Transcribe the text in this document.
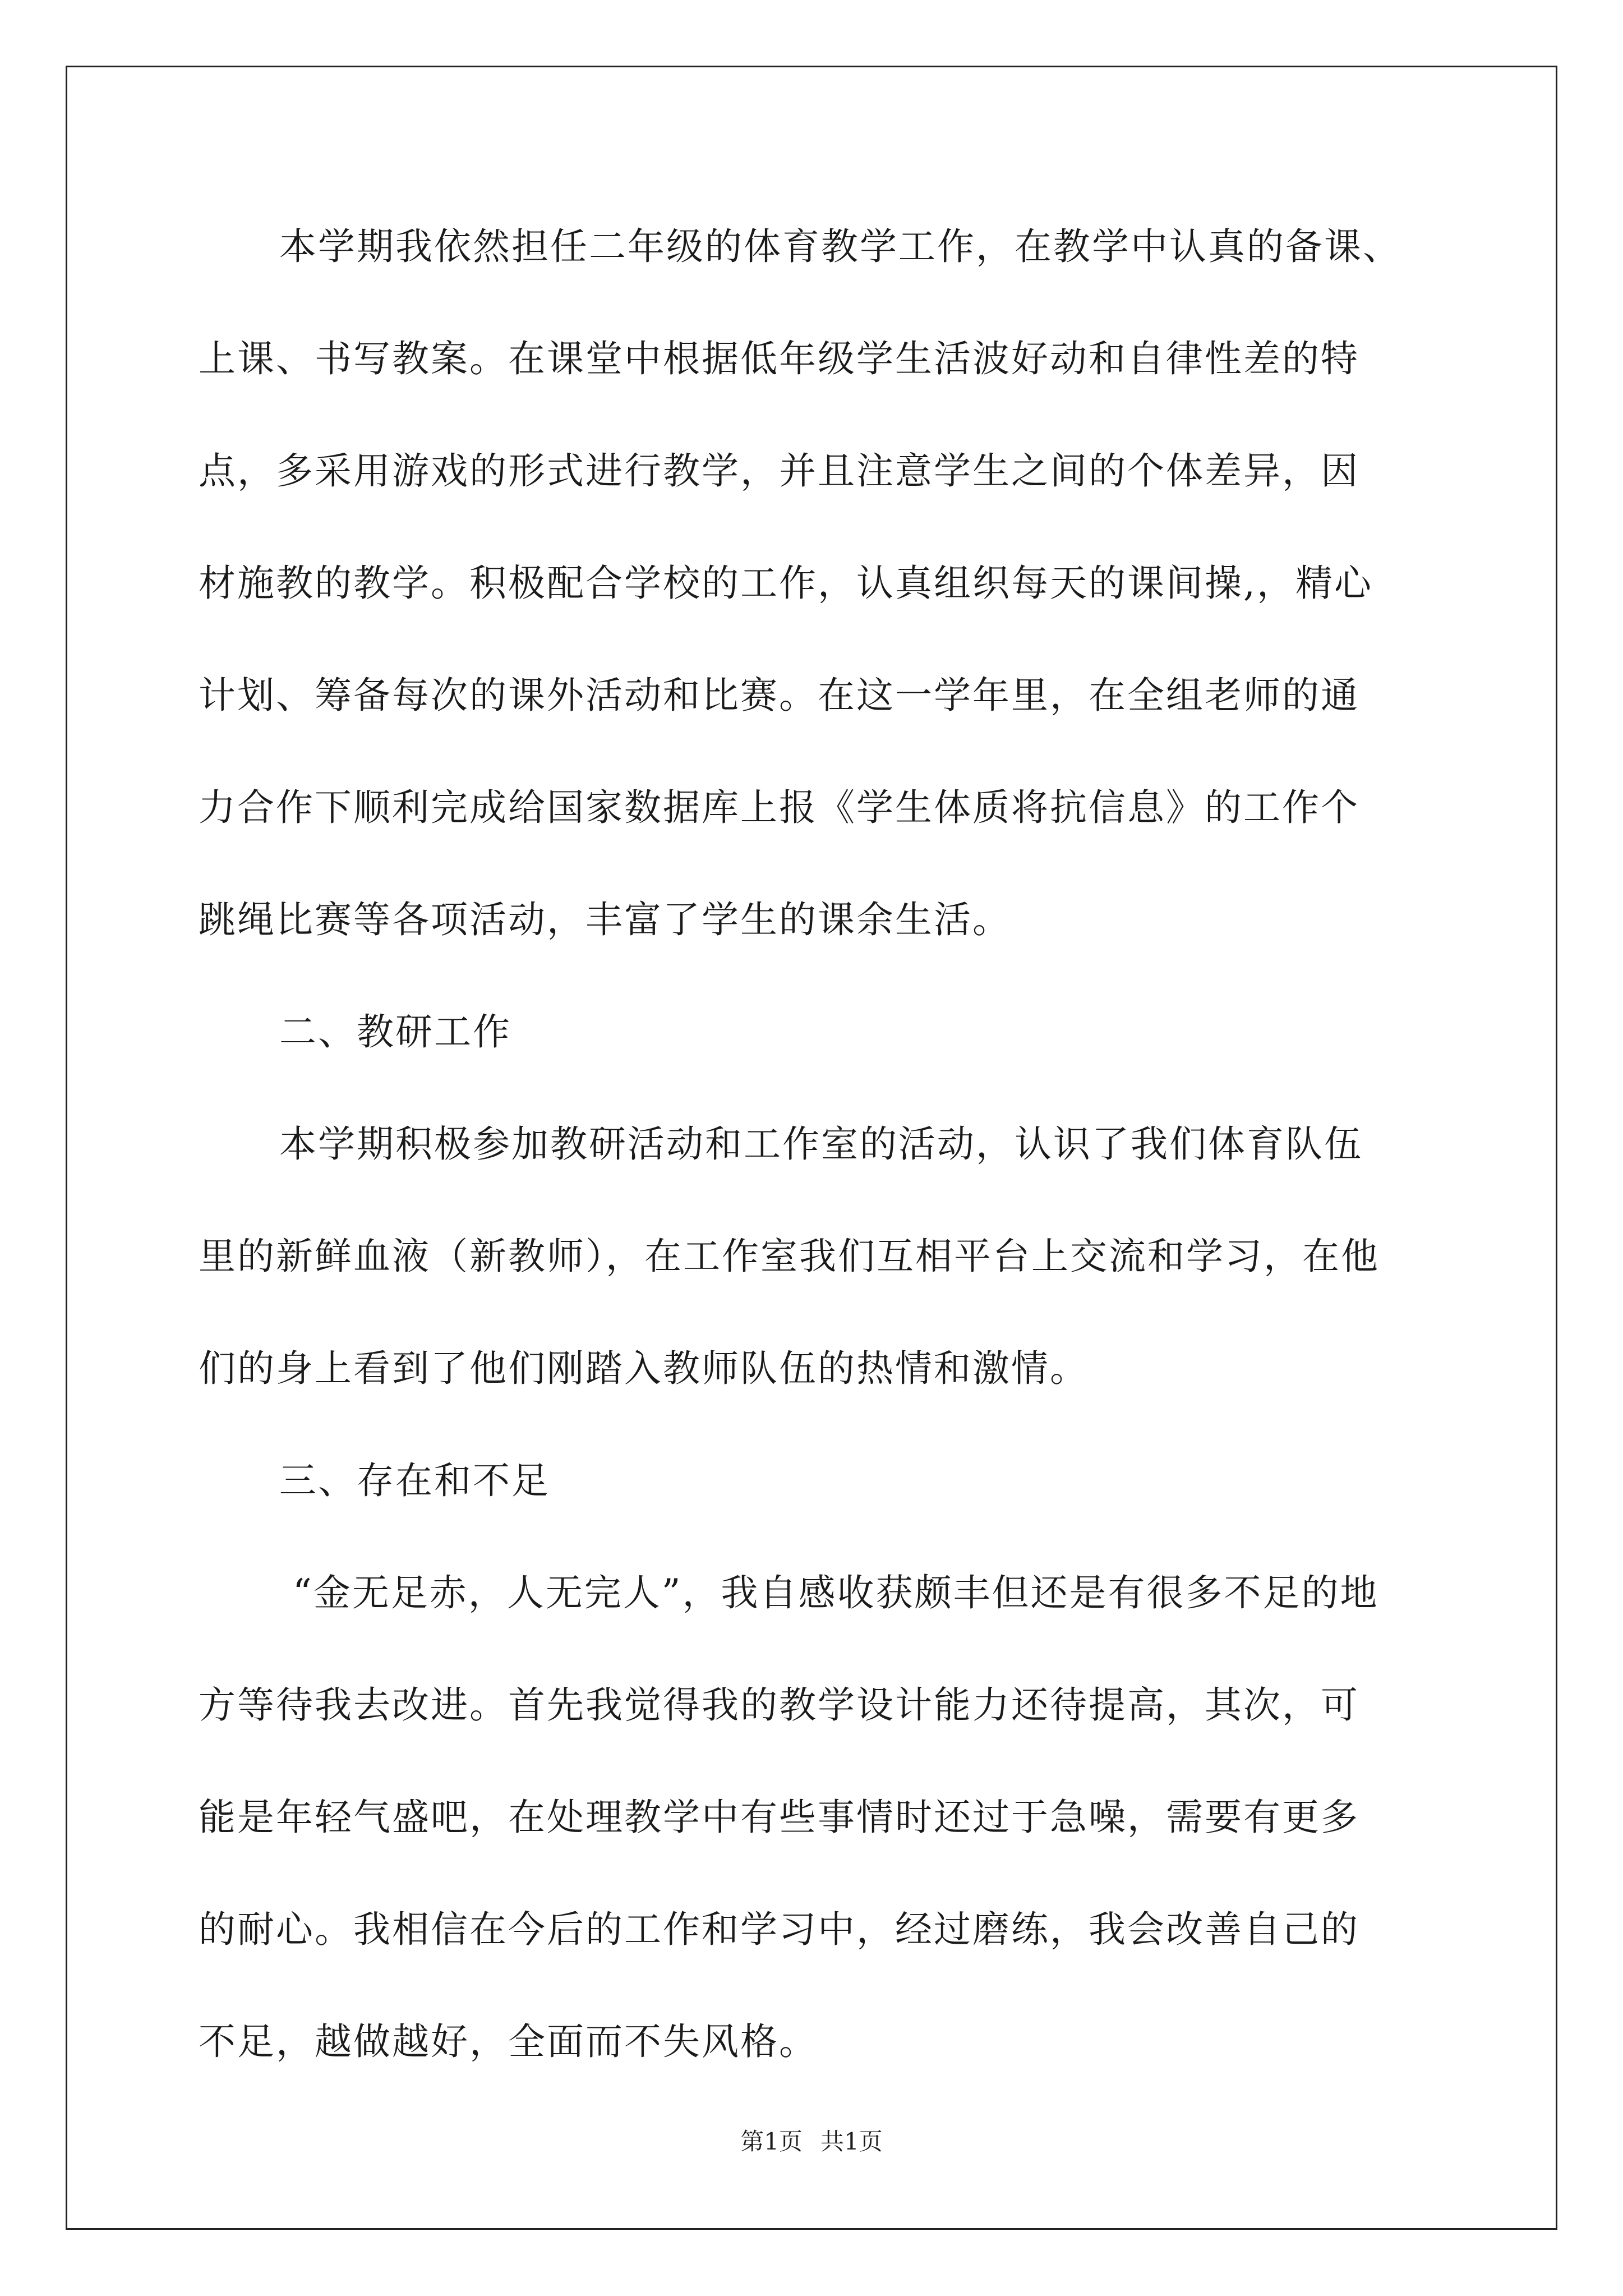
本学期我依然担任二年级的体育教学工作，在教学中认真的备课、
上课、书写教案。在课堂中根据低年级学生活波好动和自律性差的特
点，多采用游戏的形式进行教学，并且注意学生之间的个体差异，因
材施教的教学。积极配合学校的工作，认真组织每天的课间操,，精心
计划、筹备每次的课外活动和比赛。在这一学年里，在全组老师的通
力合作下顺利完成给国家数据库上报《学生体质将抗信息》的工作个
跳绳比赛等各项活动，丰富了学生的课余生活。
二、教研工作
本学期积极参加教研活动和工作室的活动，认识了我们体育队伍
里的新鲜血液（新教师），在工作室我们互相平台上交流和学习，在他
们的身上看到了他们刚踏入教师队伍的热情和激情。
三、存在和不足
“金无足赤，人无完人”，我自感收获颇丰但还是有很多不足的地
方等待我去改进。首先我觉得我的教学设计能力还待提高，其次，可
能是年轻气盛吧，在处理教学中有些事情时还过于急噪，需要有更多
的耐心。我相信在今后的工作和学习中，经过磨练，我会改善自己的
不足，越做越好，全面而不失风格。
第1页 共1页
